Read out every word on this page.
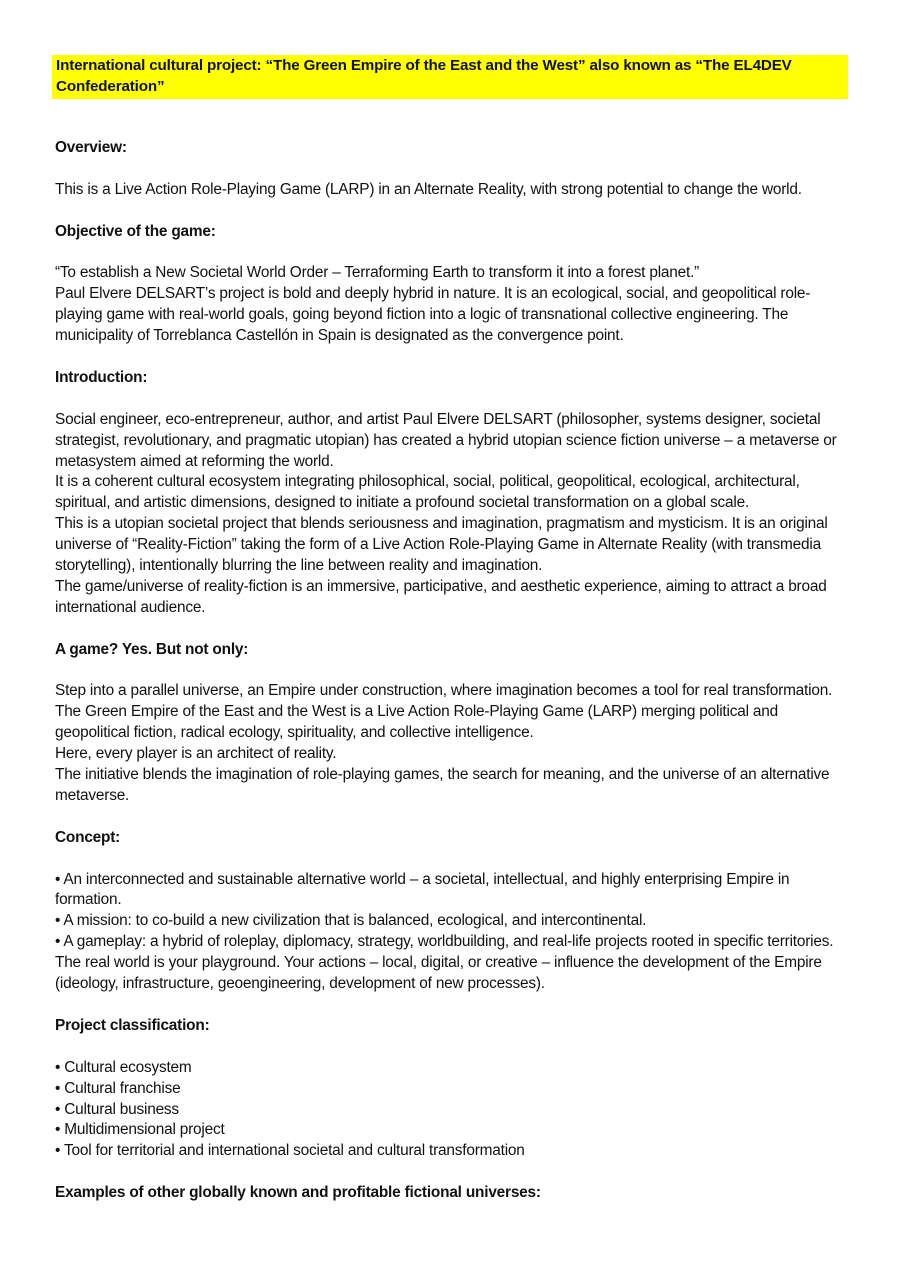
International cultural project: “The Green Empire of the East and the West” also known as “The EL4DEV Confederation”

Overview:

This is a Live Action Role-Playing Game (LARP) in an Alternate Reality, with strong potential to change the world.

Objective of the game:

“To establish a New Societal World Order – Terraforming Earth to transform it into a forest planet.”

Paul Elvere DELSART’s project is bold and deeply hybrid in nature. It is an ecological, social, and geopolitical role-playing game with real-world goals, going beyond fiction into a logic of transnational collective engineering. The municipality of Torreblanca Castellón in Spain is designated as the convergence point.

Introduction:

Social engineer, eco-entrepreneur, author, and artist Paul Elvere DELSART (philosopher, systems designer, societal strategist, revolutionary, and pragmatic utopian) has created a hybrid utopian science fiction universe – a metaverse or metasystem aimed at reforming the world.

It is a coherent cultural ecosystem integrating philosophical, social, political, geopolitical, ecological, architectural, spiritual, and artistic dimensions, designed to initiate a profound societal transformation on a global scale.

This is a utopian societal project that blends seriousness and imagination, pragmatism and mysticism. It is an original universe of “Reality-Fiction” taking the form of a Live Action Role-Playing Game in Alternate Reality (with transmedia storytelling), intentionally blurring the line between reality and imagination.

The game/universe of reality-fiction is an immersive, participative, and aesthetic experience, aiming to attract a broad international audience.

A game? Yes. But not only:

Step into a parallel universe, an Empire under construction, where imagination becomes a tool for real transformation.

The Green Empire of the East and the West is a Live Action Role-Playing Game (LARP) merging political and geopolitical fiction, radical ecology, spirituality, and collective intelligence.

Here, every player is an architect of reality.

The initiative blends the imagination of role-playing games, the search for meaning, and the universe of an alternative metaverse.

Concept:

• An interconnected and sustainable alternative world – a societal, intellectual, and highly enterprising Empire in formation.

• A mission: to co-build a new civilization that is balanced, ecological, and intercontinental.

• A gameplay: a hybrid of roleplay, diplomacy, strategy, worldbuilding, and real-life projects rooted in specific territories.

The real world is your playground. Your actions – local, digital, or creative – influence the development of the Empire (ideology, infrastructure, geoengineering, development of new processes).

Project classification:

• Cultural ecosystem
• Cultural franchise
• Cultural business
• Multidimensional project
• Tool for territorial and international societal and cultural transformation

Examples of other globally known and profitable fictional universes:
